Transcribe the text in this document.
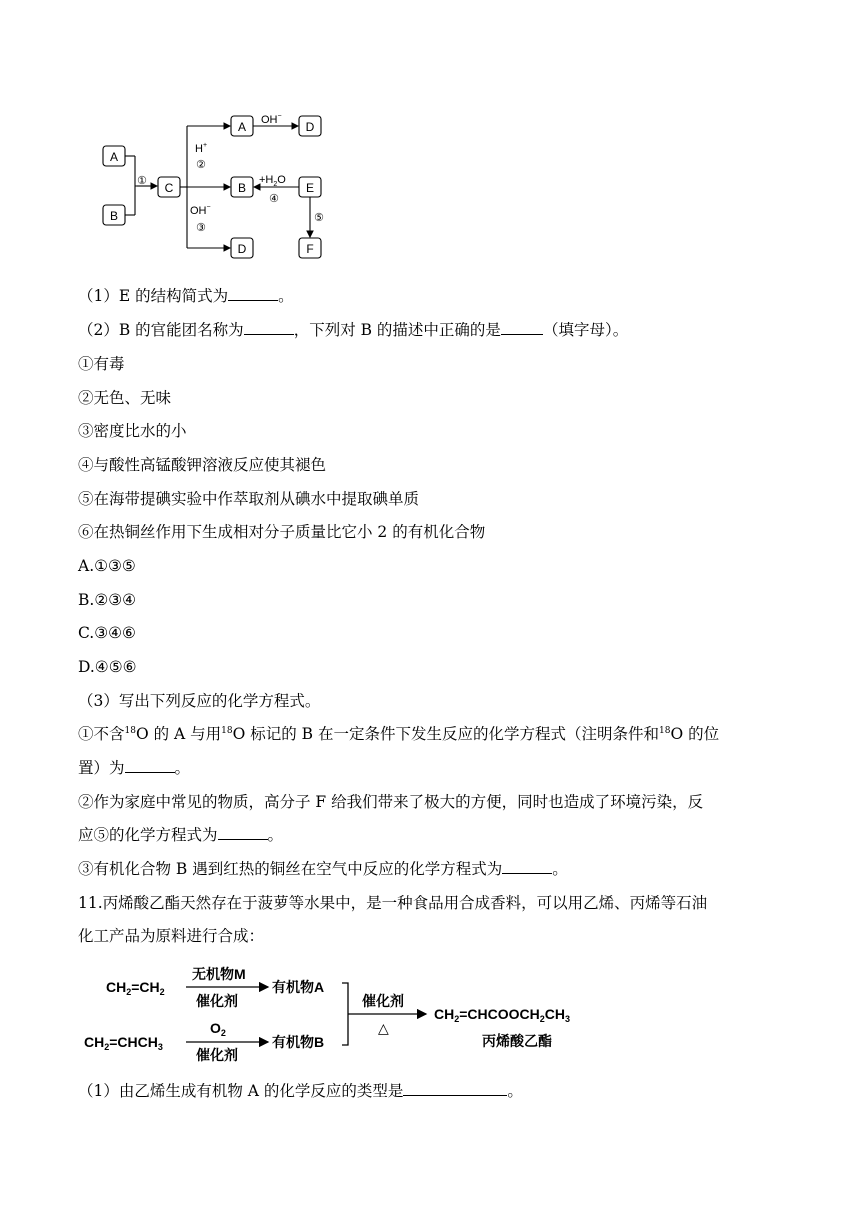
A
B
C
A	D
B	E
D	F
①
H+
②
OH−
OH−
③
$+H_2O$
④
⑤
（1）E 的结构简式为	。
（2）B 的官能团名称为	，下列对 B 的描述中正确的是	（填字母）。
①有毒
②无色、无味
③密度比水的小
④与酸性高锰酸钾溶液反应使其褪色
⑤在海带提碘实验中作萃取剂从碘水中提取碘单质
⑥在热铜丝作用下生成相对分子质量比它小 2 的有机化合物
A.①③⑤
B.②③④
C.③④⑥
D.④⑤⑥
（3）写出下列反应的化学方程式。
①不含$^{18}$O 的 A 与用$^{18}$O 标记的 B 在一定条件下发生反应的化学方程式（注明条件和$^{18}$O 的位
置）为	。
②作为家庭中常见的物质，高分子 F 给我们带来了极大的方便，同时也造成了环境污染，反
应⑤的化学方程式为	。
③有机化合物 B 遇到红热的铜丝在空气中反应的化学方程式为	。
11.丙烯酸乙酯天然存在于菠萝等水果中，是一种食品用合成香料，可以用乙烯、丙烯等石油
化工产品为原料进行合成：
$CH_2=CH_2$
$CH_2=CHCH_3$
无机物M
催化剂
$O_2$
催化剂
有机物A
有机物B
催化剂
△
$CH_2=CHCOOCH_2CH_3$
丙烯酸乙酯
（1）由乙烯生成有机物 A 的化学反应的类型是	。
